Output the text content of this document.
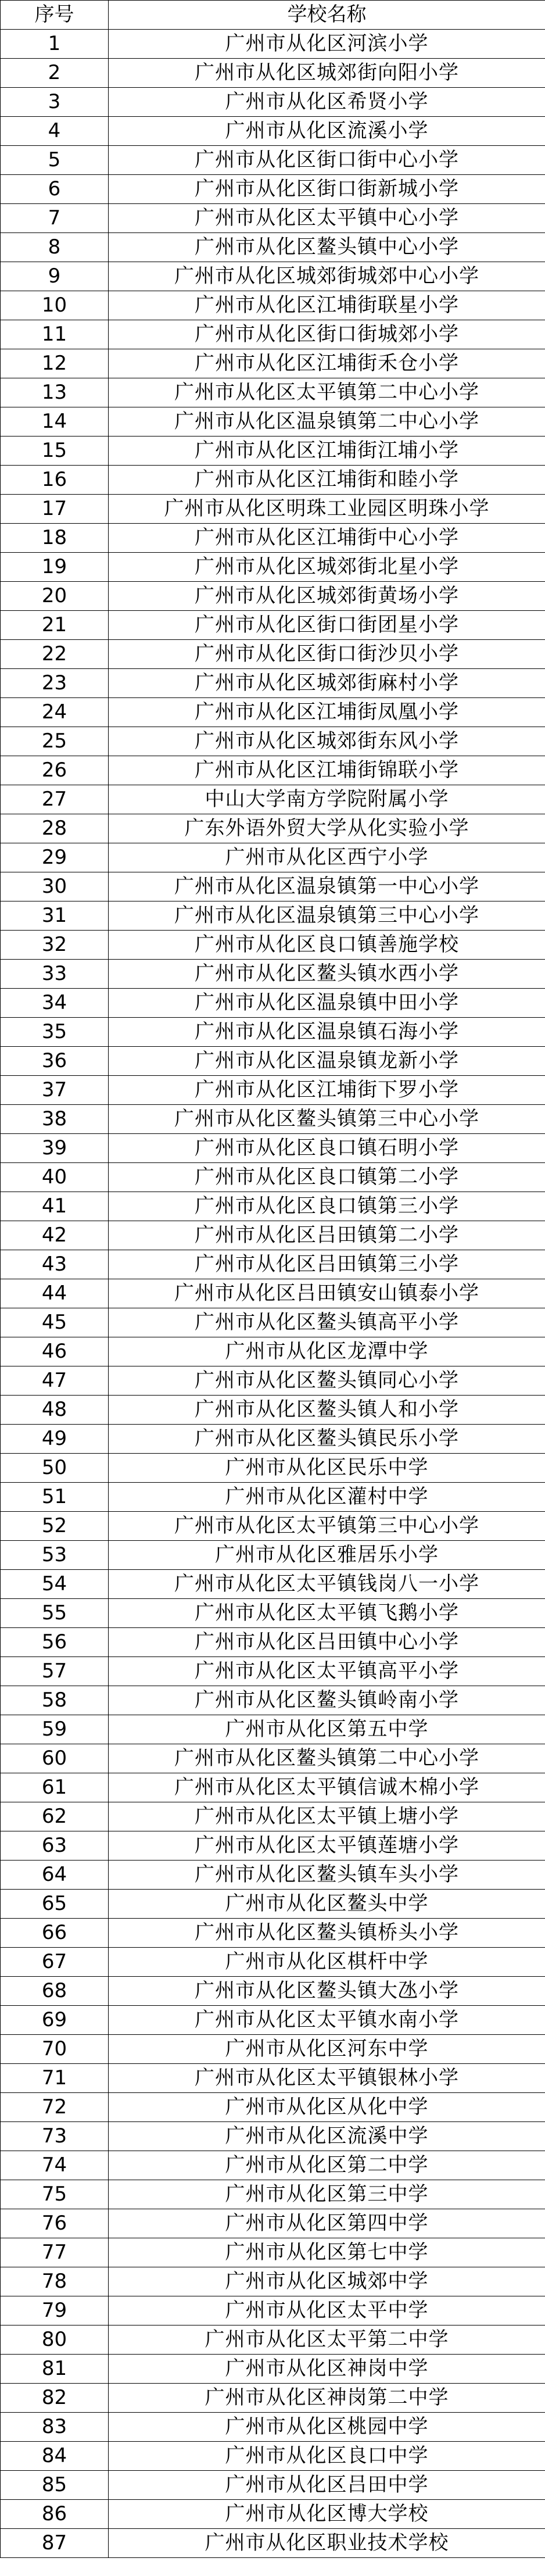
序号	学校名称
1	广州市从化区河滨小学
2	广州市从化区城郊街向阳小学
3	广州市从化区希贤小学
4	广州市从化区流溪小学
5	广州市从化区街口街中心小学
6	广州市从化区街口街新城小学
7	广州市从化区太平镇中心小学
8	广州市从化区鳌头镇中心小学
9	广州市从化区城郊街城郊中心小学
10	广州市从化区江埔街联星小学
11	广州市从化区街口街城郊小学
12	广州市从化区江埔街禾仓小学
13	广州市从化区太平镇第二中心小学
14	广州市从化区温泉镇第二中心小学
15	广州市从化区江埔街江埔小学
16	广州市从化区江埔街和睦小学
17	广州市从化区明珠工业园区明珠小学
18	广州市从化区江埔街中心小学
19	广州市从化区城郊街北星小学
20	广州市从化区城郊街黄场小学
21	广州市从化区街口街团星小学
22	广州市从化区街口街沙贝小学
23	广州市从化区城郊街麻村小学
24	广州市从化区江埔街凤凰小学
25	广州市从化区城郊街东风小学
26	广州市从化区江埔街锦联小学
27	中山大学南方学院附属小学
28	广东外语外贸大学从化实验小学
29	广州市从化区西宁小学
30	广州市从化区温泉镇第一中心小学
31	广州市从化区温泉镇第三中心小学
32	广州市从化区良口镇善施学校
33	广州市从化区鳌头镇水西小学
34	广州市从化区温泉镇中田小学
35	广州市从化区温泉镇石海小学
36	广州市从化区温泉镇龙新小学
37	广州市从化区江埔街下罗小学
38	广州市从化区鳌头镇第三中心小学
39	广州市从化区良口镇石明小学
40	广州市从化区良口镇第二小学
41	广州市从化区良口镇第三小学
42	广州市从化区吕田镇第二小学
43	广州市从化区吕田镇第三小学
44	广州市从化区吕田镇安山镇泰小学
45	广州市从化区鳌头镇高平小学
46	广州市从化区龙潭中学
47	广州市从化区鳌头镇同心小学
48	广州市从化区鳌头镇人和小学
49	广州市从化区鳌头镇民乐小学
50	广州市从化区民乐中学
51	广州市从化区灌村中学
52	广州市从化区太平镇第三中心小学
53	广州市从化区雅居乐小学
54	广州市从化区太平镇钱岗八一小学
55	广州市从化区太平镇飞鹅小学
56	广州市从化区吕田镇中心小学
57	广州市从化区太平镇高平小学
58	广州市从化区鳌头镇岭南小学
59	广州市从化区第五中学
60	广州市从化区鳌头镇第二中心小学
61	广州市从化区太平镇信诚木棉小学
62	广州市从化区太平镇上塘小学
63	广州市从化区太平镇莲塘小学
64	广州市从化区鳌头镇车头小学
65	广州市从化区鳌头中学
66	广州市从化区鳌头镇桥头小学
67	广州市从化区棋杆中学
68	广州市从化区鳌头镇大氹小学
69	广州市从化区太平镇水南小学
70	广州市从化区河东中学
71	广州市从化区太平镇银林小学
72	广州市从化区从化中学
73	广州市从化区流溪中学
74	广州市从化区第二中学
75	广州市从化区第三中学
76	广州市从化区第四中学
77	广州市从化区第七中学
78	广州市从化区城郊中学
79	广州市从化区太平中学
80	广州市从化区太平第二中学
81	广州市从化区神岗中学
82	广州市从化区神岗第二中学
83	广州市从化区桃园中学
84	广州市从化区良口中学
85	广州市从化区吕田中学
86	广州市从化区博大学校
87	广州市从化区职业技术学校
